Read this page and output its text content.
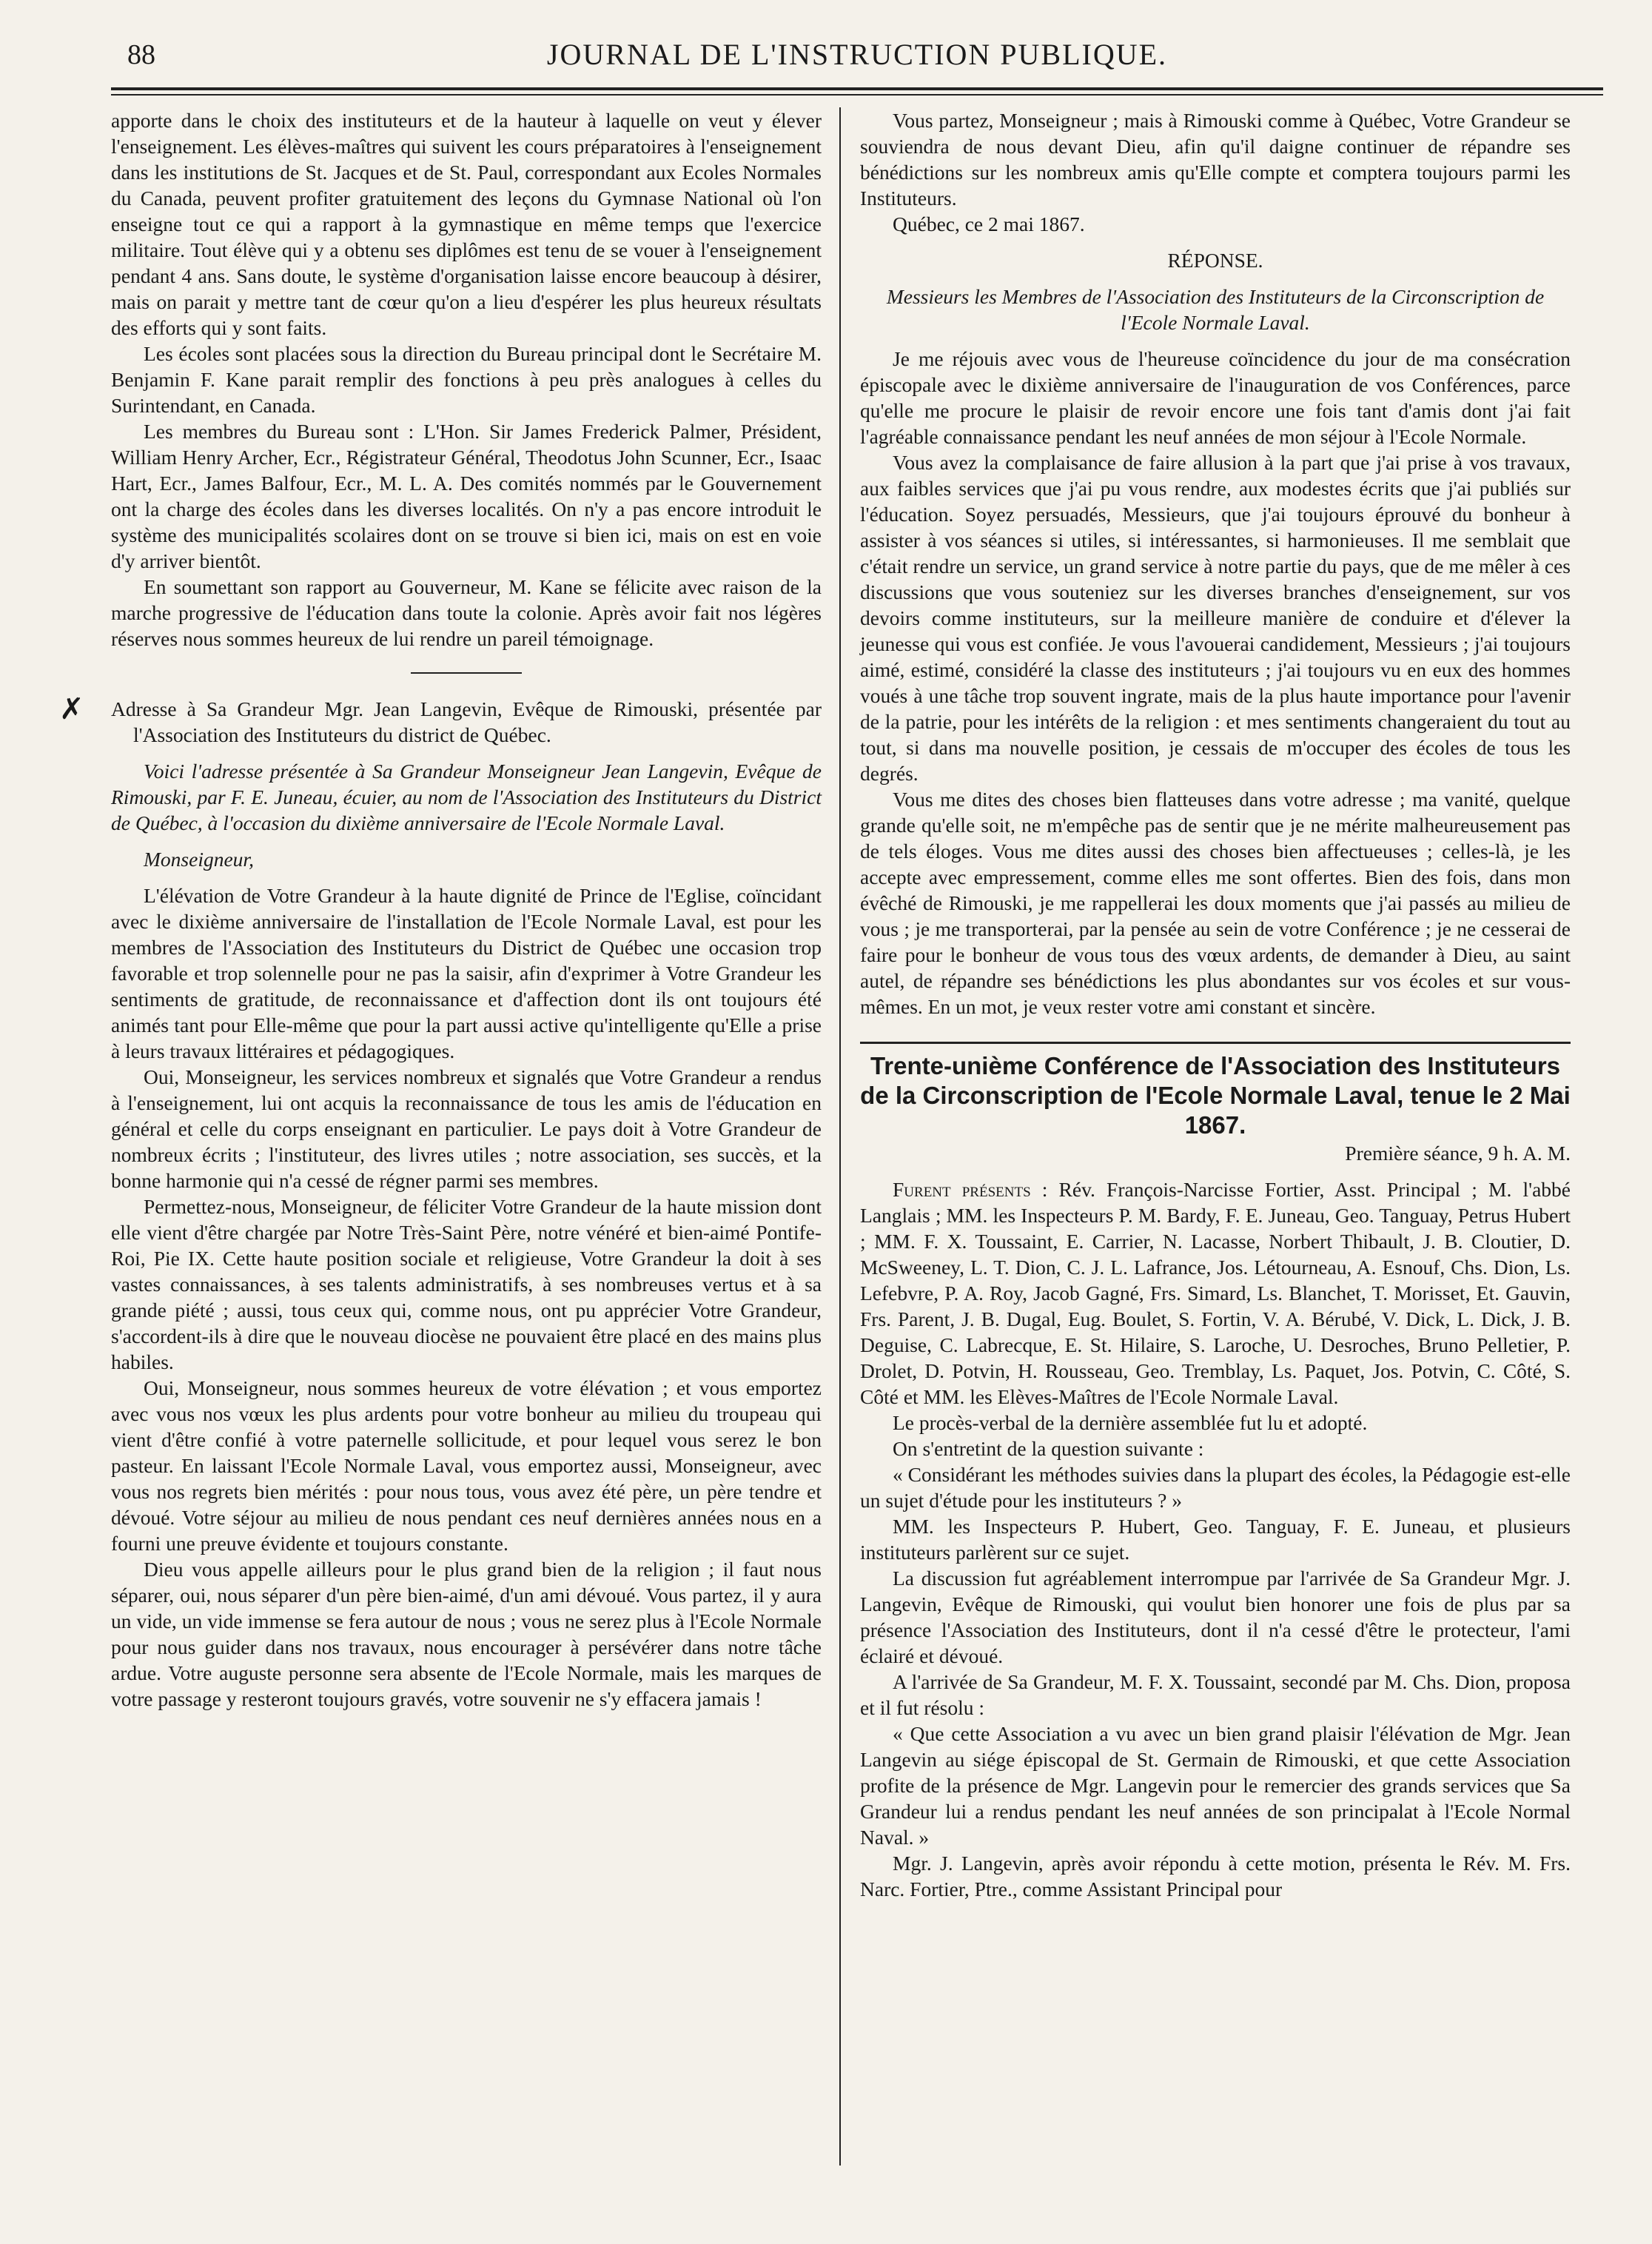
88	JOURNAL DE L'INSTRUCTION PUBLIQUE.

apporte dans le choix des instituteurs et de la hauteur à laquelle on veut y élever l'enseignement. Les élèves-maîtres qui suivent les cours préparatoires à l'enseignement dans les institutions de St. Jacques et de St. Paul, correspondant aux Ecoles Normales du Canada, peuvent profiter gratuitement des leçons du Gymnase National où l'on enseigne tout ce qui a rapport à la gymnastique en même temps que l'exercice militaire. Tout élève qui y a obtenu ses diplômes est tenu de se vouer à l'enseignement pendant 4 ans. Sans doute, le système d'organisation laisse encore beaucoup à désirer, mais on parait y mettre tant de cœur qu'on a lieu d'espérer les plus heureux résultats des efforts qui y sont faits.

Les écoles sont placées sous la direction du Bureau principal dont le Secrétaire M. Benjamin F. Kane parait remplir des fonctions à peu près analogues à celles du Surintendant, en Canada.

Les membres du Bureau sont : L'Hon. Sir James Frederick Palmer, Président, William Henry Archer, Ecr., Régistrateur Général, Theodotus John Scunner, Ecr., Isaac Hart, Ecr., James Balfour, Ecr., M. L. A. Des comités nommés par le Gouvernement ont la charge des écoles dans les diverses localités. On n'y a pas encore introduit le système des municipalités scolaires dont on se trouve si bien ici, mais on est en voie d'y arriver bientôt.

En soumettant son rapport au Gouverneur, M. Kane se félicite avec raison de la marche progressive de l'éducation dans toute la colonie. Après avoir fait nos légères réserves nous sommes heureux de lui rendre un pareil témoignage.

✗ Adresse à Sa Grandeur Mgr. Jean Langevin, Evêque de Rimouski, présentée par l'Association des Instituteurs du district de Québec.

Voici l'adresse présentée à Sa Grandeur Monseigneur Jean Langevin, Evêque de Rimouski, par F. E. Juneau, écuier, au nom de l'Association des Instituteurs du District de Québec, à l'occasion du dixième anniversaire de l'Ecole Normale Laval.

Monseigneur,

L'élévation de Votre Grandeur à la haute dignité de Prince de l'Eglise, coïncidant avec le dixième anniversaire de l'installation de l'Ecole Normale Laval, est pour les membres de l'Association des Instituteurs du District de Québec une occasion trop favorable et trop solennelle pour ne pas la saisir, afin d'exprimer à Votre Grandeur les sentiments de gratitude, de reconnaissance et d'affection dont ils ont toujours été animés tant pour Elle-même que pour la part aussi active qu'intelligente qu'Elle a prise à leurs travaux littéraires et pédagogiques.

Oui, Monseigneur, les services nombreux et signalés que Votre Grandeur a rendus à l'enseignement, lui ont acquis la reconnaissance de tous les amis de l'éducation en général et celle du corps enseignant en particulier. Le pays doit à Votre Grandeur de nombreux écrits ; l'instituteur, des livres utiles ; notre association, ses succès, et la bonne harmonie qui n'a cessé de régner parmi ses membres.

Permettez-nous, Monseigneur, de féliciter Votre Grandeur de la haute mission dont elle vient d'être chargée par Notre Très-Saint Père, notre vénéré et bien-aimé Pontife-Roi, Pie IX. Cette haute position sociale et religieuse, Votre Grandeur la doit à ses vastes connaissances, à ses talents administratifs, à ses nombreuses vertus et à sa grande piété ; aussi, tous ceux qui, comme nous, ont pu apprécier Votre Grandeur, s'accordent-ils à dire que le nouveau diocèse ne pouvaient être placé en des mains plus habiles.

Oui, Monseigneur, nous sommes heureux de votre élévation ; et vous emportez avec vous nos vœux les plus ardents pour votre bonheur au milieu du troupeau qui vient d'être confié à votre paternelle sollicitude, et pour lequel vous serez le bon pasteur. En laissant l'Ecole Normale Laval, vous emportez aussi, Monseigneur, avec vous nos regrets bien mérités : pour nous tous, vous avez été père, un père tendre et dévoué. Votre séjour au milieu de nous pendant ces neuf dernières années nous en a fourni une preuve évidente et toujours constante.

Dieu vous appelle ailleurs pour le plus grand bien de la religion ; il faut nous séparer, oui, nous séparer d'un père bien-aimé, d'un ami dévoué. Vous partez, il y aura un vide, un vide immense se fera autour de nous ; vous ne serez plus à l'Ecole Normale pour nous guider dans nos travaux, nous encourager à persévérer dans notre tâche ardue. Votre auguste personne sera absente de l'Ecole Normale, mais les marques de votre passage y resteront toujours gravés, votre souvenir ne s'y effacera jamais !

Vous partez, Monseigneur ; mais à Rimouski comme à Québec, Votre Grandeur se souviendra de nous devant Dieu, afin qu'il daigne continuer de répandre ses bénédictions sur les nombreux amis qu'Elle compte et comptera toujours parmi les Instituteurs.

Québec, ce 2 mai 1867.

RÉPONSE.

Messieurs les Membres de l'Association des Instituteurs de la Circonscription de l'Ecole Normale Laval.

Je me réjouis avec vous de l'heureuse coïncidence du jour de ma consécration épiscopale avec le dixième anniversaire de l'inauguration de vos Conférences, parce qu'elle me procure le plaisir de revoir encore une fois tant d'amis dont j'ai fait l'agréable connaissance pendant les neuf années de mon séjour à l'Ecole Normale.

Vous avez la complaisance de faire allusion à la part que j'ai prise à vos travaux, aux faibles services que j'ai pu vous rendre, aux modestes écrits que j'ai publiés sur l'éducation. Soyez persuadés, Messieurs, que j'ai toujours éprouvé du bonheur à assister à vos séances si utiles, si intéressantes, si harmonieuses. Il me semblait que c'était rendre un service, un grand service à notre partie du pays, que de me mêler à ces discussions que vous souteniez sur les diverses branches d'enseignement, sur vos devoirs comme instituteurs, sur la meilleure manière de conduire et d'élever la jeunesse qui vous est confiée. Je vous l'avouerai candidement, Messieurs ; j'ai toujours aimé, estimé, considéré la classe des instituteurs ; j'ai toujours vu en eux des hommes voués à une tâche trop souvent ingrate, mais de la plus haute importance pour l'avenir de la patrie, pour les intérêts de la religion : et mes sentiments changeraient du tout au tout, si dans ma nouvelle position, je cessais de m'occuper des écoles de tous les degrés.

Vous me dites des choses bien flatteuses dans votre adresse ; ma vanité, quelque grande qu'elle soit, ne m'empêche pas de sentir que je ne mérite malheureusement pas de tels éloges. Vous me dites aussi des choses bien affectueuses ; celles-là, je les accepte avec empressement, comme elles me sont offertes. Bien des fois, dans mon évêché de Rimouski, je me rappellerai les doux moments que j'ai passés au milieu de vous ; je me transporterai, par la pensée au sein de votre Conférence ; je ne cesserai de faire pour le bonheur de vous tous des vœux ardents, de demander à Dieu, au saint autel, de répandre ses bénédictions les plus abondantes sur vos écoles et sur vous-mêmes. En un mot, je veux rester votre ami constant et sincère.

Trente-unième Conférence de l'Association des Instituteurs de la Circonscription de l'Ecole Normale Laval, tenue le 2 Mai 1867.

Première séance, 9 h. A. M.

Furent présents : Rév. François-Narcisse Fortier, Asst. Principal ; M. l'abbé Langlais ; MM. les Inspecteurs P. M. Bardy, F. E. Juneau, Geo. Tanguay, Petrus Hubert ; MM. F. X. Toussaint, E. Carrier, N. Lacasse, Norbert Thibault, J. B. Cloutier, D. McSweeney, L. T. Dion, C. J. L. Lafrance, Jos. Létourneau, A. Esnouf, Chs. Dion, Ls. Lefebvre, P. A. Roy, Jacob Gagné, Frs. Simard, Ls. Blanchet, T. Morisset, Et. Gauvin, Frs. Parent, J. B. Dugal, Eug. Boulet, S. Fortin, V. A. Bérubé, V. Dick, L. Dick, J. B. Deguise, C. Labrecque, E. St. Hilaire, S. Laroche, U. Desroches, Bruno Pelletier, P. Drolet, D. Potvin, H. Rousseau, Geo. Tremblay, Ls. Paquet, Jos. Potvin, C. Côté, S. Côté et MM. les Elèves-Maîtres de l'Ecole Normale Laval.

Le procès-verbal de la dernière assemblée fut lu et adopté.

On s'entretint de la question suivante :

« Considérant les méthodes suivies dans la plupart des écoles, la Pédagogie est-elle un sujet d'étude pour les instituteurs ? »

MM. les Inspecteurs P. Hubert, Geo. Tanguay, F. E. Juneau, et plusieurs instituteurs parlèrent sur ce sujet.

La discussion fut agréablement interrompue par l'arrivée de Sa Grandeur Mgr. J. Langevin, Evêque de Rimouski, qui voulut bien honorer une fois de plus par sa présence l'Association des Instituteurs, dont il n'a cessé d'être le protecteur, l'ami éclairé et dévoué.

A l'arrivée de Sa Grandeur, M. F. X. Toussaint, secondé par M. Chs. Dion, proposa et il fut résolu :

« Que cette Association a vu avec un bien grand plaisir l'élévation de Mgr. Jean Langevin au siége épiscopal de St. Germain de Rimouski, et que cette Association profite de la présence de Mgr. Langevin pour le remercier des grands services que Sa Grandeur lui a rendus pendant les neuf années de son principalat à l'Ecole Normal Naval. »

Mgr. J. Langevin, après avoir répondu à cette motion, présenta le Rév. M. Frs. Narc. Fortier, Ptre., comme Assistant Principal pour
